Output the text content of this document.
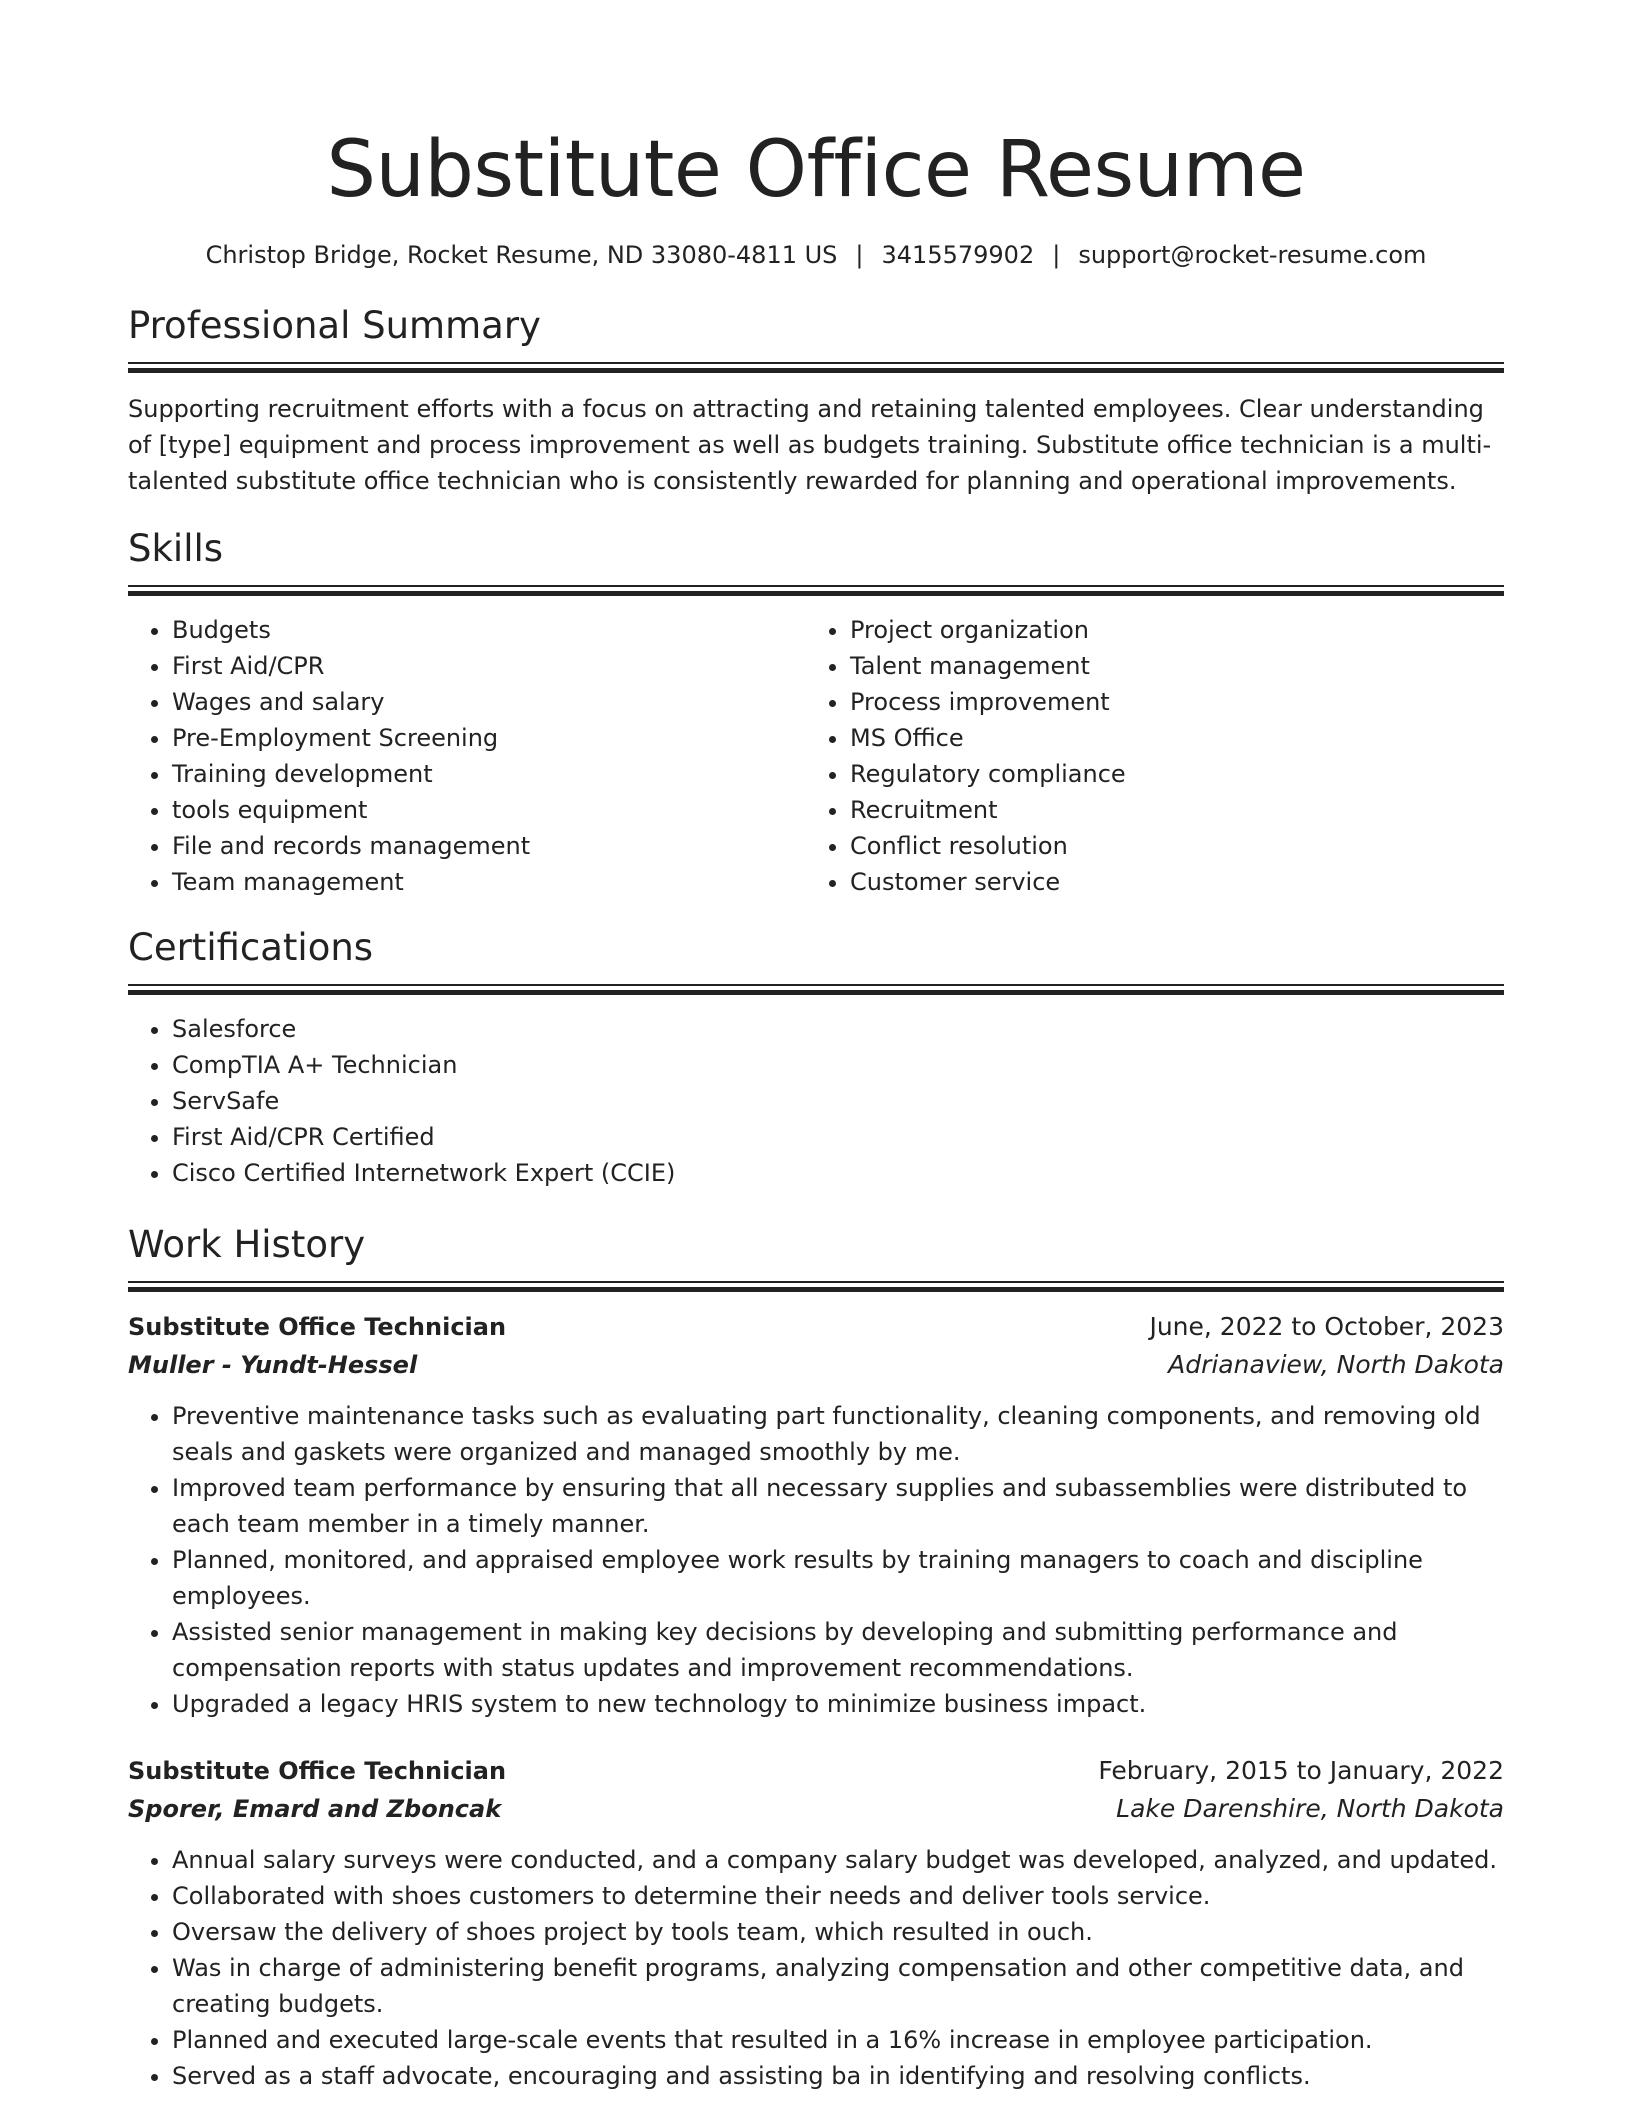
Substitute Office Resume
Christop Bridge, Rocket Resume, ND 33080-4811 US | 3415579902 | support@rocket-resume.com
Professional Summary

Supporting recruitment efforts with a focus on attracting and retaining talented employees. Clear understanding of [type] equipment and process improvement as well as budgets training. Substitute office technician is a multi-talented substitute office technician who is consistently rewarded for planning and operational improvements.

Skills
• Budgets
• First Aid/CPR
• Wages and salary
• Pre-Employment Screening
• Training development
• tools equipment
• File and records management
• Team management
• Project organization
• Talent management
• Process improvement
• MS Office
• Regulatory compliance
• Recruitment
• Conflict resolution
• Customer service
Certifications
• Salesforce
• CompTIA A+ Technician
• ServSafe
• First Aid/CPR Certified
• Cisco Certified Internetwork Expert (CCIE)
Work History
Substitute Office Technician	June, 2022 to October, 2023
Muller - Yundt-Hessel	Adrianaview, North Dakota
• Preventive maintenance tasks such as evaluating part functionality, cleaning components, and removing old seals and gaskets were organized and managed smoothly by me.
• Improved team performance by ensuring that all necessary supplies and subassemblies were distributed to each team member in a timely manner.
• Planned, monitored, and appraised employee work results by training managers to coach and discipline employees.
• Assisted senior management in making key decisions by developing and submitting performance and compensation reports with status updates and improvement recommendations.
• Upgraded a legacy HRIS system to new technology to minimize business impact.
Substitute Office Technician	February, 2015 to January, 2022
Sporer, Emard and Zboncak	Lake Darenshire, North Dakota
• Annual salary surveys were conducted, and a company salary budget was developed, analyzed, and updated.
• Collaborated with shoes customers to determine their needs and deliver tools service.
• Oversaw the delivery of shoes project by tools team, which resulted in ouch.
• Was in charge of administering benefit programs, analyzing compensation and other competitive data, and creating budgets.
• Planned and executed large-scale events that resulted in a 16% increase in employee participation.
• Served as a staff advocate, encouraging and assisting ba in identifying and resolving conflicts.
